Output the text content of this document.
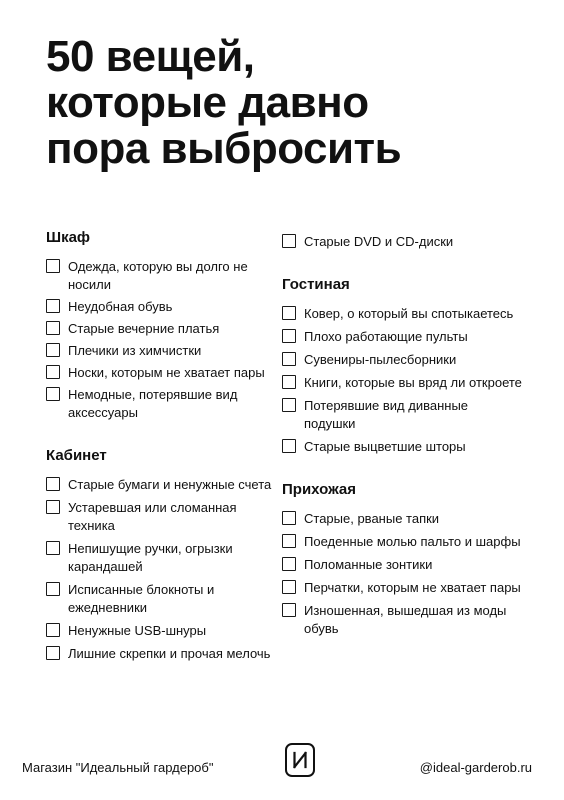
50 вещей,
которые давно
пора выбросить
Шкаф
Одежда, которую вы долго не носили
Неудобная обувь
Старые вечерние платья
Плечики из химчистки
Носки, которым не хватает пары
Немодные, потерявшие вид аксессуары
Кабинет
Старые бумаги и ненужные счета
Устаревшая или сломанная техника
Непишущие ручки, огрызки карандашей
Исписанные блокноты и ежедневники
Ненужные USB-шнуры
Лишние скрепки и прочая мелочь
Старые DVD и CD-диски
Гостиная
Ковер, о который вы спотыкаетесь
Плохо работающие пульты
Сувениры-пылесборники
Книги, которые вы вряд ли откроете
Потерявшие вид диванные подушки
Старые выцветшие шторы
Прихожая
Старые, рваные тапки
Поеденные молью пальто и шарфы
Поломанные зонтики
Перчатки, которым не хватает пары
Изношенная, вышедшая из моды обувь
Магазин "Идеальный гардероб"	@ideal-garderob.ru
